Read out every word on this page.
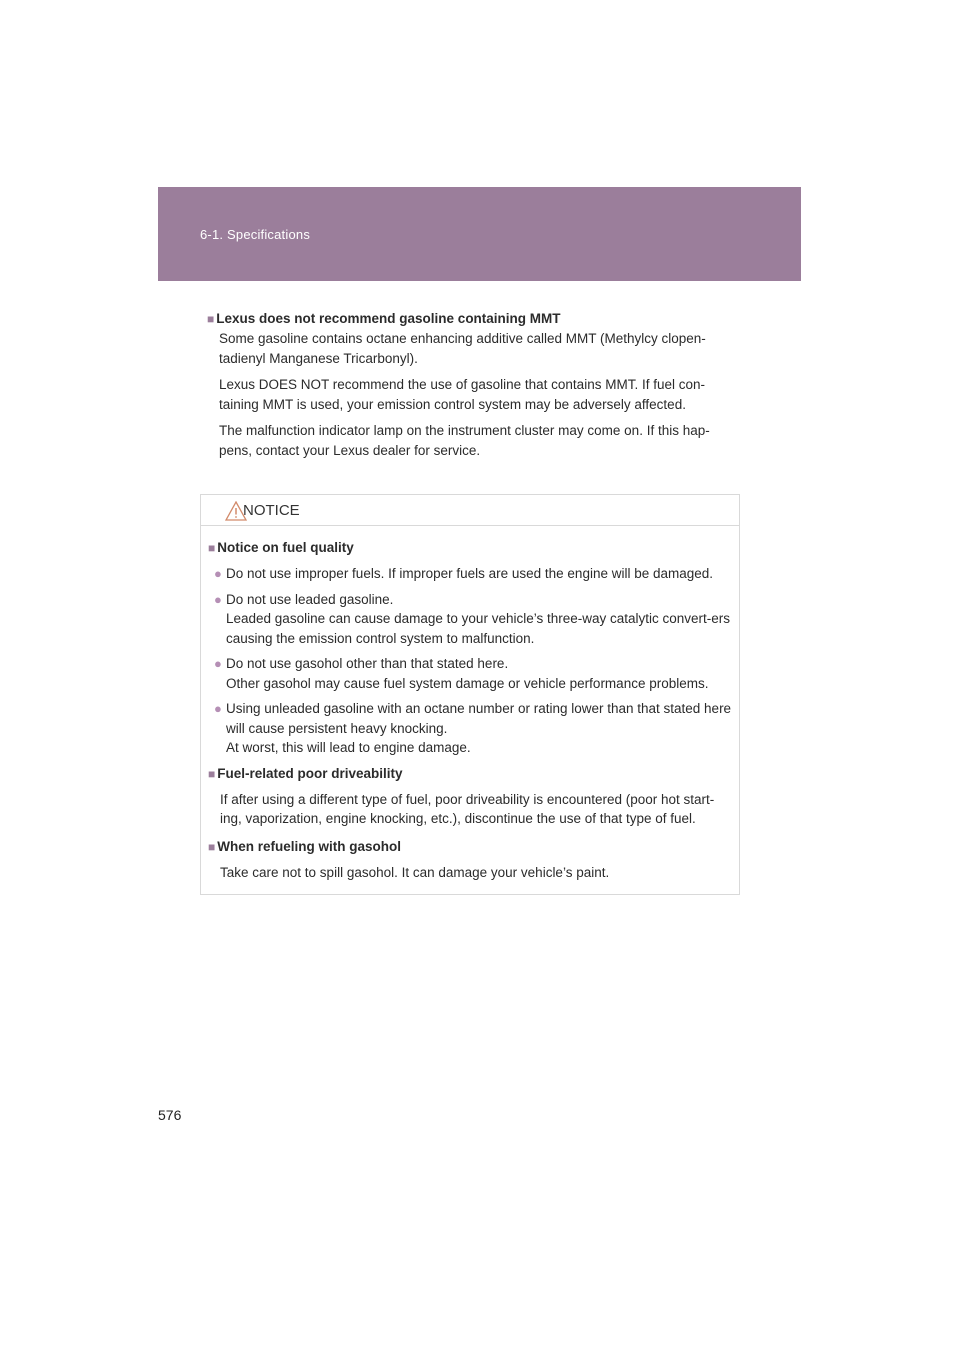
6-1. Specifications

■ Lexus does not recommend gasoline containing MMT

Some gasoline contains octane enhancing additive called MMT (Methylcy clopen-tadienyl Manganese Tricarbonyl).

Lexus DOES NOT recommend the use of gasoline that contains MMT. If fuel con-taining MMT is used, your emission control system may be adversely affected.

The malfunction indicator lamp on the instrument cluster may come on. If this hap-pens, contact your Lexus dealer for service.

NOTICE

■ Notice on fuel quality

● Do not use improper fuels. If improper fuels are used the engine will be damaged.
● Do not use leaded gasoline.
Leaded gasoline can cause damage to your vehicle’s three-way catalytic convert-ers causing the emission control system to malfunction.
● Do not use gasohol other than that stated here.
Other gasohol may cause fuel system damage or vehicle performance problems.
● Using unleaded gasoline with an octane number or rating lower than that stated here will cause persistent heavy knocking.
At worst, this will lead to engine damage.

■ Fuel-related poor driveability

If after using a different type of fuel, poor driveability is encountered (poor hot start-ing, vaporization, engine knocking, etc.), discontinue the use of that type of fuel.

■ When refueling with gasohol

Take care not to spill gasohol. It can damage your vehicle’s paint.

576
